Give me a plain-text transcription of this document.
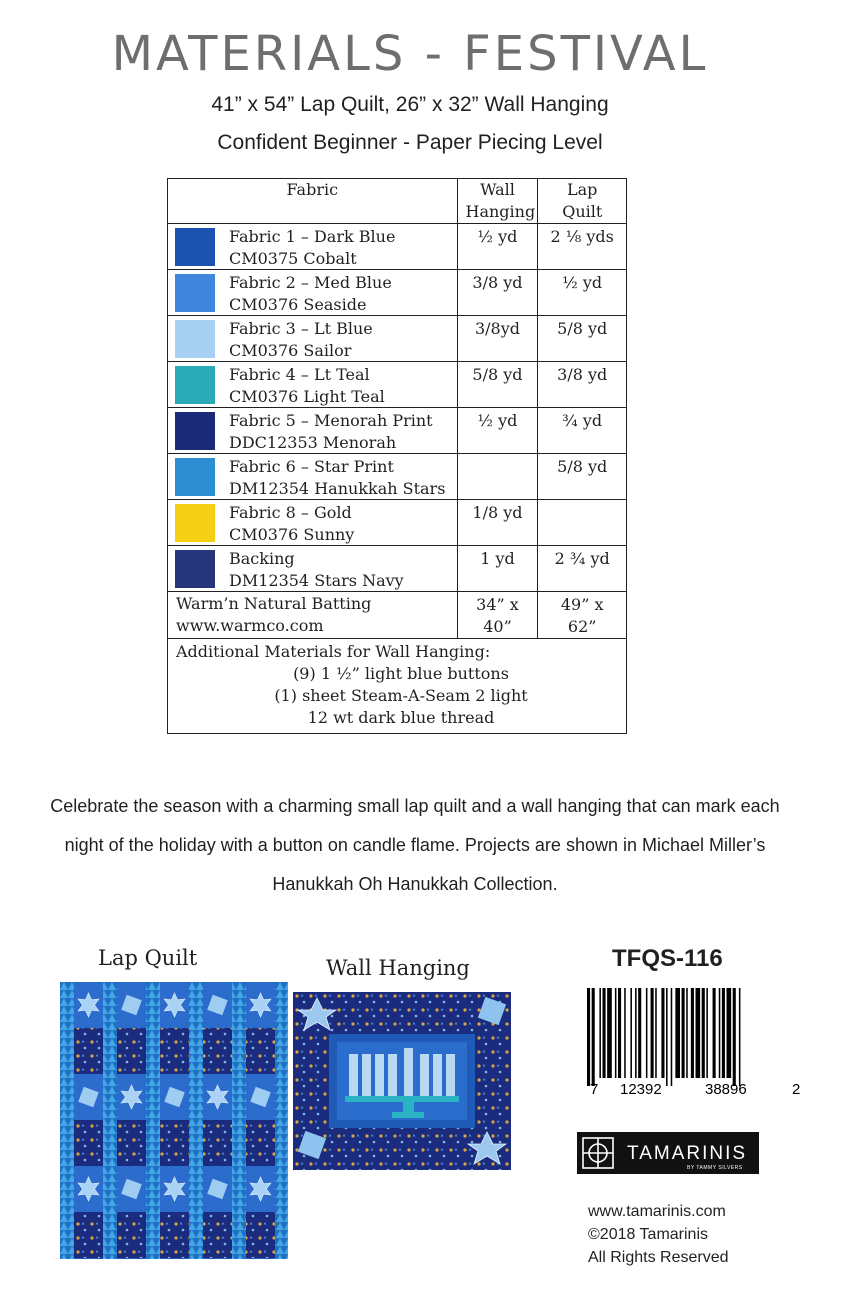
MATERIALS - FESTIVAL
41” x 54” Lap Quilt, 26” x 32” Wall Hanging
Confident Beginner - Paper Piecing Level
Fabric	Wall Hanging	Lap Quilt

Fabric 1 – Dark Blue
CM0375 Cobalt	½ yd	2 ⅛ yds

Fabric 2 – Med Blue
CM0376 Seaside	3/8 yd	½ yd

Fabric 3 – Lt Blue
CM0376 Sailor	3/8yd	5/8 yd

Fabric 4 – Lt Teal
CM0376 Light Teal	5/8 yd	3/8 yd

Fabric 5 – Menorah Print
DDC12353 Menorah	½ yd	¾ yd

Fabric 6 – Star Print
DM12354 Hanukkah Stars		5/8 yd

Fabric 8 – Gold
CM0376 Sunny	1/8 yd	

Backing
DM12354 Stars Navy	1 yd	2 ¾ yd

Warm’n Natural Batting
www.warmco.com	34” x 40”	49” x 62”

Additional Materials for Wall Hanging:
(9) 1 ½” light blue buttons
(1) sheet Steam-A-Seam 2 light
12 wt dark blue thread		
Celebrate the season with a charming small lap quilt and a wall hanging that can mark each night of the holiday with a button on candle flame. Projects are shown in Michael Miller’s Hanukkah Oh Hanukkah Collection.
Lap Quilt	Wall Hanging	TFQS-116
7 12392	38896	2
TAMARINIS
BY TAMMY SILVERS
www.tamarinis.com
©2018 Tamarinis
All Rights Reserved
